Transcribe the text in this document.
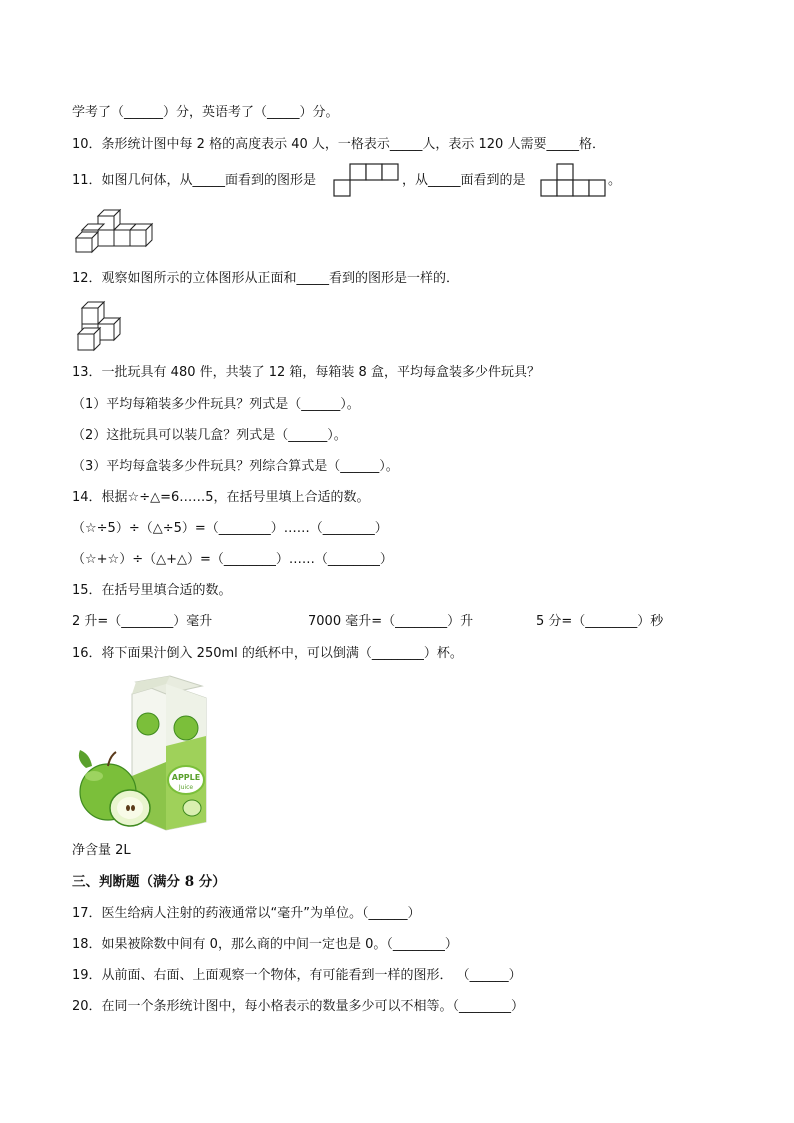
学考了（______）分，英语考了（_____）分。
10．条形统计图中每 2 格的高度表示 40 人，一格表示_____人，表示 120 人需要_____格．
11．如图几何体，从_____面看到的图形是	，从_____面看到的是	。
12．观察如图所示的立体图形从正面和_____看到的图形是一样的．
13．一批玩具有 480 件，共装了 12 箱，每箱装 8 盒，平均每盒装多少件玩具？
（1）平均每箱装多少件玩具？列式是（______）。
（2）这批玩具可以装几盒？列式是（______）。
（3）平均每盒装多少件玩具？列综合算式是（______）。
14．根据☆÷△=6……5，在括号里填上合适的数。
（☆÷5）÷（△÷5）=（________）……（________）
（☆+☆）÷（△+△）=（________）……（________）
15．在括号里填合适的数。
2 升=（________）毫升	7000 毫升=（________）升	5 分=（________）秒
16．将下面果汁倒入 250ml 的纸杯中，可以倒满（________）杯。
APPLE
Juice
净含量 2L
三、判断题（满分 8 分）
17．医生给病人注射的药液通常以“毫升”为单位。（______）
18．如果被除数中间有 0，那么商的中间一定也是 0。（________）
19．从前面、右面、上面观察一个物体，有可能看到一样的图形． （______）
20．在同一个条形统计图中，每小格表示的数量多少可以不相等。（________）
